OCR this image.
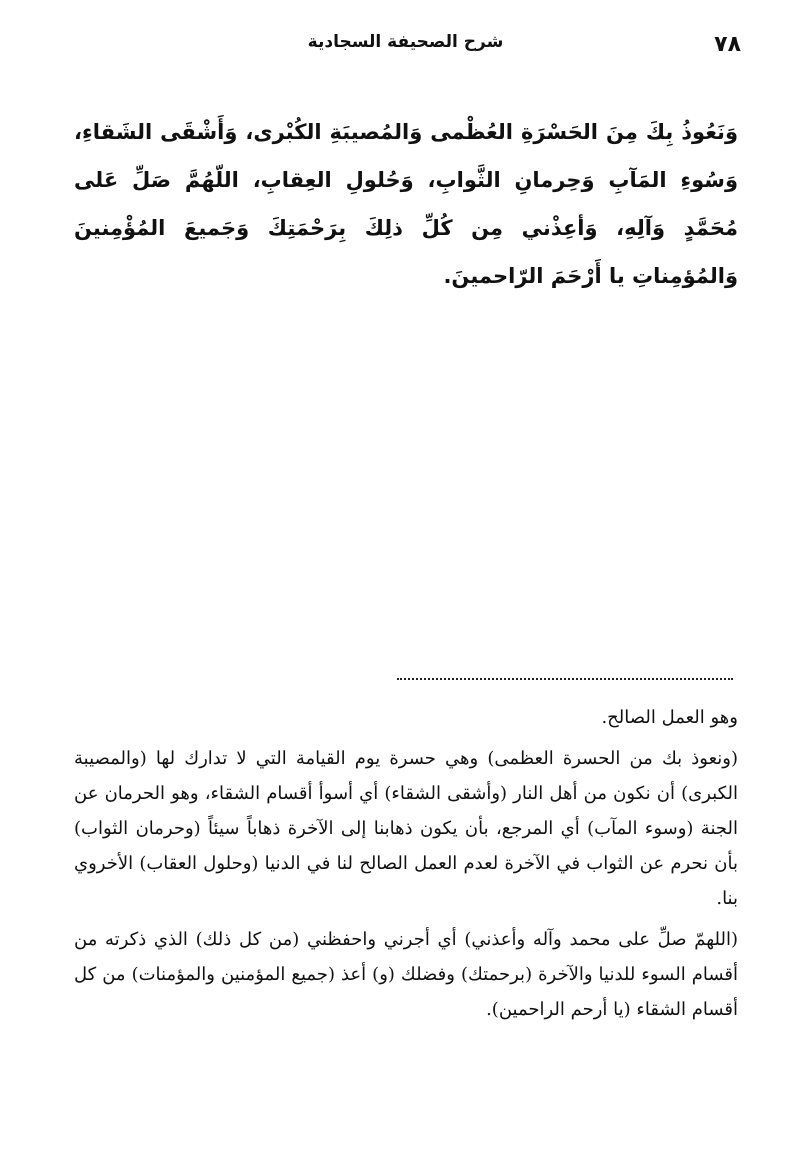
٧٨

شرح الصحيفة السجادية

وَنَعُوذُ بِكَ مِنَ الحَسْرَةِ العُظْمى وَالمُصيبَةِ الكُبْرى، وَأَشْقَى الشَقاءِ، وَسُوءِ المَآبِ وَحِرمانِ الثَّوابِ، وَحُلولِ العِقابِ، اللّهُمَّ صَلِّ عَلى مُحَمَّدٍ وَآلِهِ، وَأعِذْني مِن كُلِّ ذلِكَ بِرَحْمَتِكَ وَجَميعَ المُؤْمِنينَ وَالمُؤمِناتِ يا أَرْحَمَ الرّاحمينَ.

وهو العمل الصالح.

(ونعوذ بك من الحسرة العظمى) وهي حسرة يوم القيامة التي لا تدارك لها (والمصيبة الكبرى) أن نكون من أهل النار (وأشقى الشقاء) أي أسوأ أقسام الشقاء، وهو الحرمان عن الجنة (وسوء المآب) أي المرجع، بأن يكون ذهابنا إلى الآخرة ذهاباً سيئاً (وحرمان الثواب) بأن نحرم عن الثواب في الآخرة لعدم العمل الصالح لنا في الدنيا (وحلول العقاب) الأخروي بنا.

(اللهمّ صلِّ على محمد وآله وأعذني) أي أجرني واحفظني (من كل ذلك) الذي ذكرته من أقسام السوء للدنيا والآخرة (برحمتك) وفضلك (و) أعذ (جميع المؤمنين والمؤمنات) من كل أقسام الشقاء (يا أرحم الراحمين).
